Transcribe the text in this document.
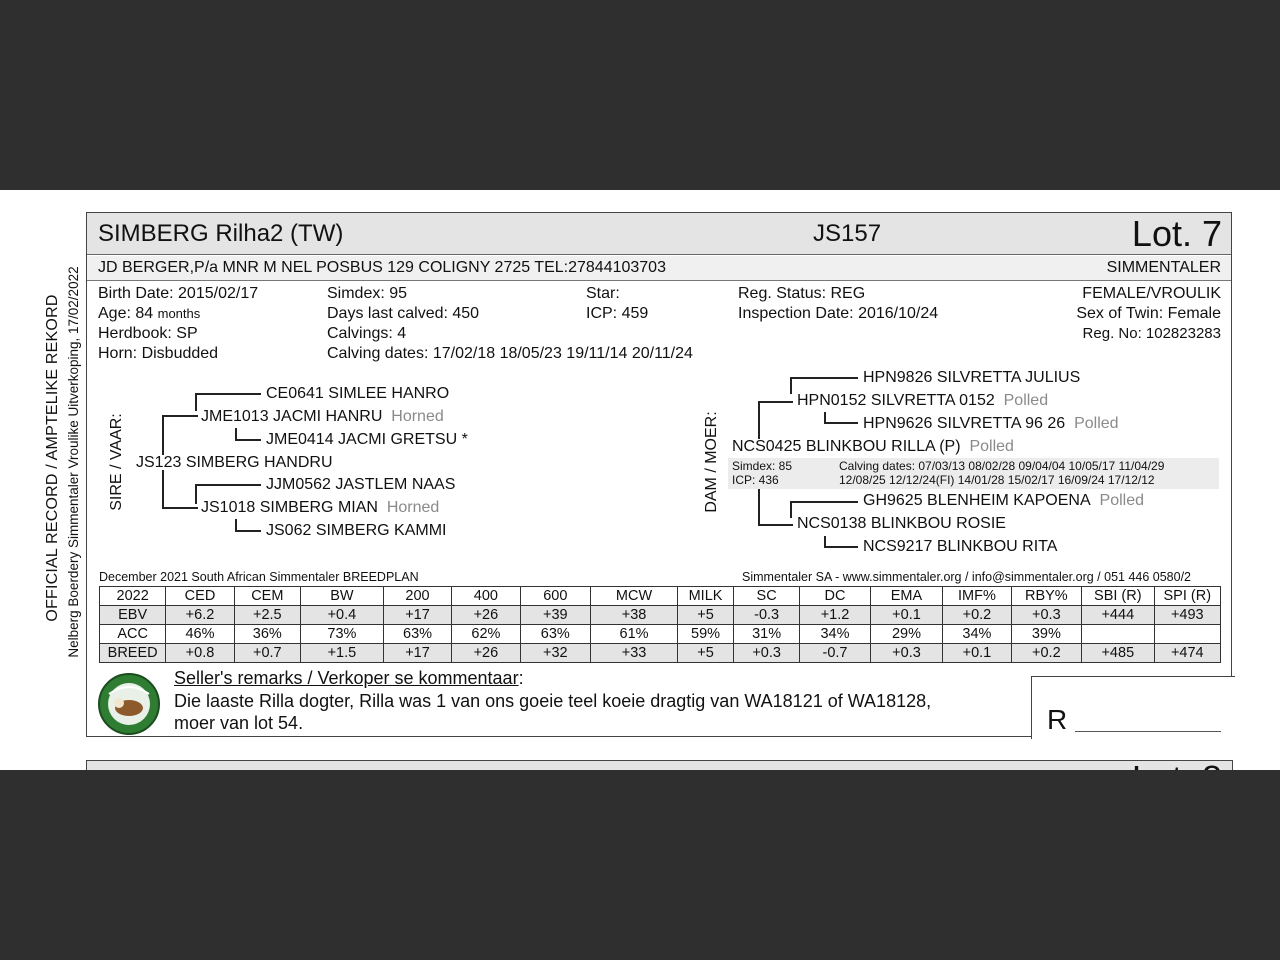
OFFICIAL RECORD / AMPTELIKE REKORD Nelberg Boerdery Simmentaler Vroulike Uitverkoping, 17/02/2022
SIMBERG Rilha2 (TW)	JS157	Lot. 7
JD BERGER,P/a MNR M NEL POSBUS 129 COLIGNY 2725 TEL:27844103703	SIMMENTALER
Birth Date: 2015/02/17
Age: 84 months
Herdbook: SP
Horn: Disbudded
Simdex: 95
Days last calved: 450
Calvings: 4
Calving dates: 17/02/18 18/05/23 19/11/14 20/11/24
Star:
ICP: 459
Reg. Status: REG
Inspection Date: 2016/10/24
FEMALE/VROULIK
Sex of Twin: Female
Reg. No: 102823283
SIRE / VAAR:
CE0641 SIMLEE HANRO
JME1013 JACMI HANRU Horned
JME0414 JACMI GRETSU *
JS123 SIMBERG HANDRU
JJM0562 JASTLEM NAAS
JS1018 SIMBERG MIAN Horned
JS062 SIMBERG KAMMI
DAM / MOER:
HPN9826 SILVRETTA JULIUS
HPN0152 SILVRETTA 0152 Polled
HPN9626 SILVRETTA 96 26 Polled
NCS0425 BLINKBOU RILLA (P) Polled
Simdex: 85
ICP: 436
Calving dates: 07/03/13 08/02/28 09/04/04 10/05/17 11/04/29
12/08/25 12/12/24(FI) 14/01/28 15/02/17 16/09/24 17/12/12
GH9625 BLENHEIM KAPOENA Polled
NCS0138 BLINKBOU ROSIE
NCS9217 BLINKBOU RITA
December 2021 South African Simmentaler BREEDPLAN	Simmentaler SA - www.simmentaler.org / info@simmentaler.org / 051 446 0580/2
2022	CED	CEM	BW	200	400	600	MCW	MILK	SC	DC	EMA	IMF%	RBY%	SBI (R)	SPI (R)
EBV	+6.2	+2.5	+0.4	+17	+26	+39	+38	+5	-0.3	+1.2	+0.1	+0.2	+0.3	+444	+493
ACC	46%	36%	73%	63%	62%	63%	61%	59%	31%	34%	29%	34%	39%		
BREED	+0.8	+0.7	+1.5	+17	+26	+32	+33	+5	+0.3	-0.7	+0.3	+0.1	+0.2	+485	+474
Seller's remarks / Verkoper se kommentaar:
Die laaste Rilla dogter, Rilla was 1 van ons goeie teel koeie dragtig van WA18121 of WA18128,
moer van lot 54.	R
